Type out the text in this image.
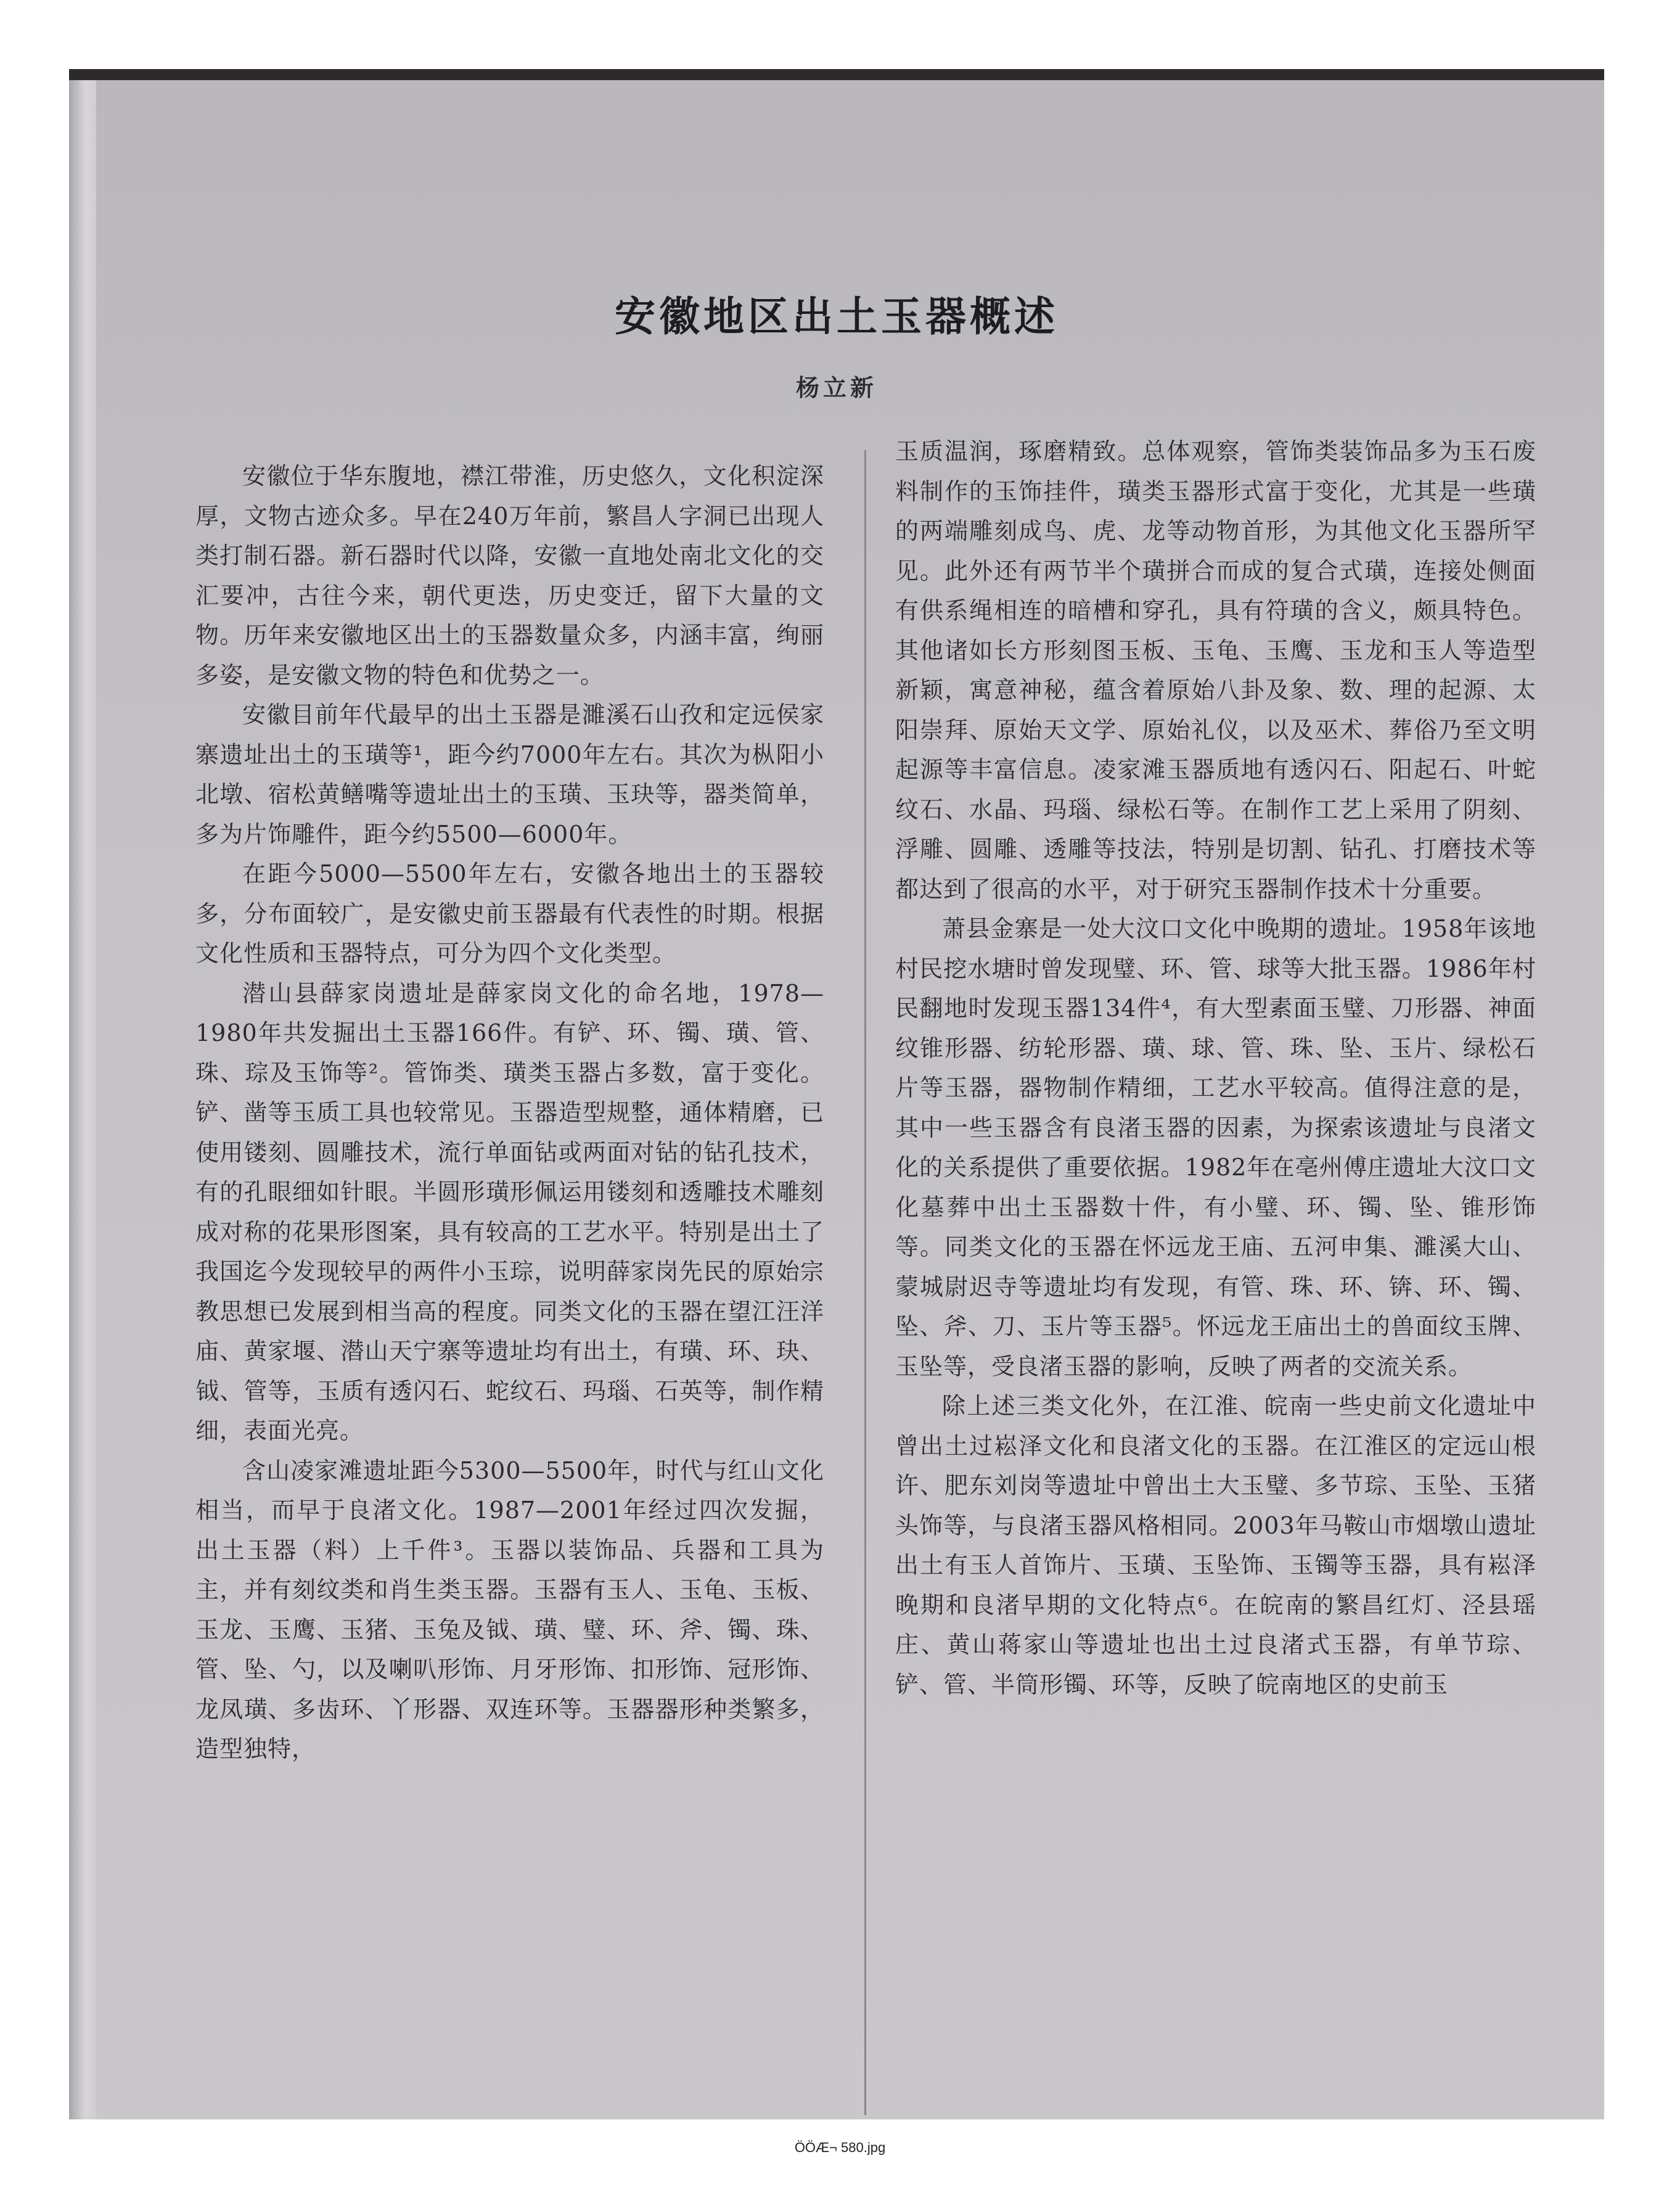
安徽地区出土玉器概述
杨立新

安徽位于华东腹地，襟江带淮，历史悠久，文化积淀深厚，文物古迹众多。早在240万年前，繁昌人字洞已出现人类打制石器。新石器时代以降，安徽一直地处南北文化的交汇要冲，古往今来，朝代更迭，历史变迁，留下大量的文物。历年来安徽地区出土的玉器数量众多，内涵丰富，绚丽多姿，是安徽文物的特色和优势之一。

安徽目前年代最早的出土玉器是濉溪石山孜和定远侯家寨遗址出土的玉璜等¹，距今约7000年左右。其次为枞阳小北墩、宿松黄鳝嘴等遗址出土的玉璜、玉玦等，器类简单，多为片饰雕件，距今约5500—6000年。

在距今5000—5500年左右，安徽各地出土的玉器较多，分布面较广，是安徽史前玉器最有代表性的时期。根据文化性质和玉器特点，可分为四个文化类型。

潜山县薛家岗遗址是薛家岗文化的命名地，1978—1980年共发掘出土玉器166件。有铲、环、镯、璜、管、珠、琮及玉饰等²。管饰类、璜类玉器占多数，富于变化。铲、凿等玉质工具也较常见。玉器造型规整，通体精磨，已使用镂刻、圆雕技术，流行单面钻或两面对钻的钻孔技术，有的孔眼细如针眼。半圆形璜形佩运用镂刻和透雕技术雕刻成对称的花果形图案，具有较高的工艺水平。特别是出土了我国迄今发现较早的两件小玉琮，说明薛家岗先民的原始宗教思想已发展到相当高的程度。同类文化的玉器在望江汪洋庙、黄家堰、潜山天宁寨等遗址均有出土，有璜、环、玦、钺、管等，玉质有透闪石、蛇纹石、玛瑙、石英等，制作精细，表面光亮。

含山凌家滩遗址距今5300—5500年，时代与红山文化相当，而早于良渚文化。1987—2001年经过四次发掘，出土玉器（料）上千件³。玉器以装饰品、兵器和工具为主，并有刻纹类和肖生类玉器。玉器有玉人、玉龟、玉板、玉龙、玉鹰、玉猪、玉兔及钺、璜、璧、环、斧、镯、珠、管、坠、勺，以及喇叭形饰、月牙形饰、扣形饰、冠形饰、龙凤璜、多齿环、丫形器、双连环等。玉器器形种类繁多，造型独特，

玉质温润，琢磨精致。总体观察，管饰类装饰品多为玉石废料制作的玉饰挂件，璜类玉器形式富于变化，尤其是一些璜的两端雕刻成鸟、虎、龙等动物首形，为其他文化玉器所罕见。此外还有两节半个璜拼合而成的复合式璜，连接处侧面有供系绳相连的暗槽和穿孔，具有符璜的含义，颇具特色。其他诸如长方形刻图玉板、玉龟、玉鹰、玉龙和玉人等造型新颖，寓意神秘，蕴含着原始八卦及象、数、理的起源、太阳崇拜、原始天文学、原始礼仪，以及巫术、葬俗乃至文明起源等丰富信息。凌家滩玉器质地有透闪石、阳起石、叶蛇纹石、水晶、玛瑙、绿松石等。在制作工艺上采用了阴刻、浮雕、圆雕、透雕等技法，特别是切割、钻孔、打磨技术等都达到了很高的水平，对于研究玉器制作技术十分重要。

萧县金寨是一处大汶口文化中晚期的遗址。1958年该地村民挖水塘时曾发现璧、环、管、球等大批玉器。1986年村民翻地时发现玉器134件⁴，有大型素面玉璧、刀形器、神面纹锥形器、纺轮形器、璜、球、管、珠、坠、玉片、绿松石片等玉器，器物制作精细，工艺水平较高。值得注意的是，其中一些玉器含有良渚玉器的因素，为探索该遗址与良渚文化的关系提供了重要依据。1982年在亳州傅庄遗址大汶口文化墓葬中出土玉器数十件，有小璧、环、镯、坠、锥形饰等。同类文化的玉器在怀远龙王庙、五河申集、濉溪大山、蒙城尉迟寺等遗址均有发现，有管、珠、环、锛、环、镯、坠、斧、刀、玉片等玉器⁵。怀远龙王庙出土的兽面纹玉牌、玉坠等，受良渚玉器的影响，反映了两者的交流关系。

除上述三类文化外，在江淮、皖南一些史前文化遗址中曾出土过崧泽文化和良渚文化的玉器。在江淮区的定远山根许、肥东刘岗等遗址中曾出土大玉璧、多节琮、玉坠、玉猪头饰等，与良渚玉器风格相同。2003年马鞍山市烟墩山遗址出土有玉人首饰片、玉璜、玉坠饰、玉镯等玉器，具有崧泽晚期和良渚早期的文化特点⁶。在皖南的繁昌红灯、泾县瑶庄、黄山蒋家山等遗址也出土过良渚式玉器，有单节琮、铲、管、半筒形镯、环等，反映了皖南地区的史前玉

ÖÖÆ¬ 580.jpg
